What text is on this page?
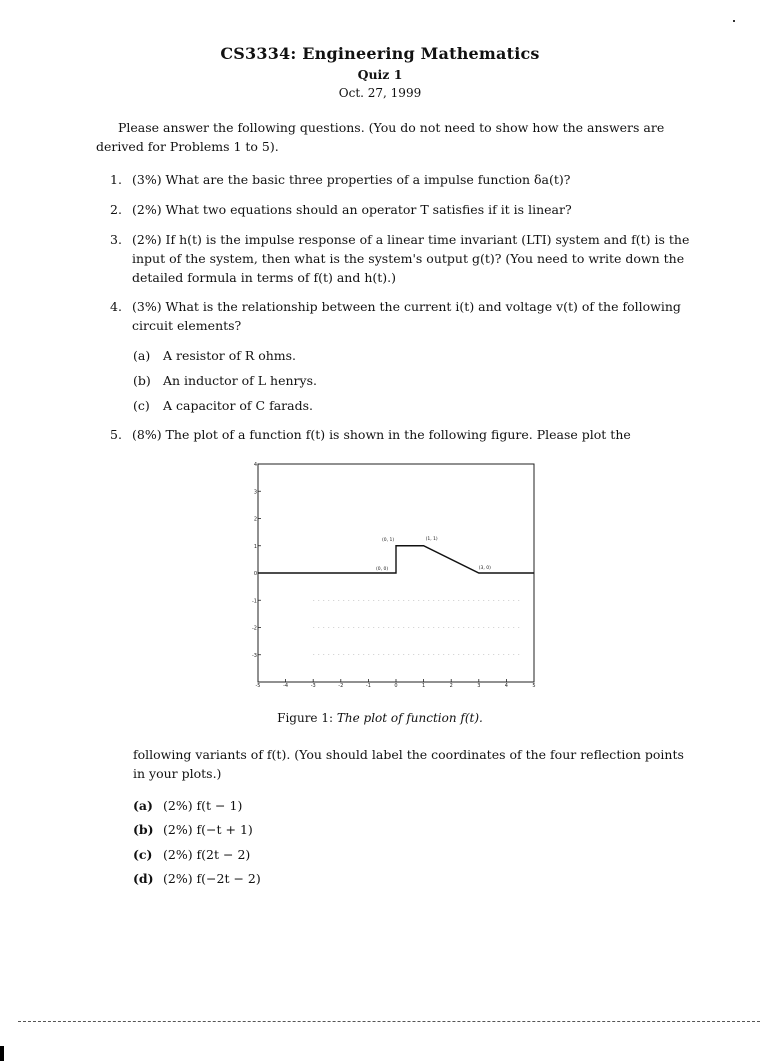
CS3334: Engineering Mathematics
Quiz 1
Oct. 27, 1999
Please answer the following questions. (You do not need to show how the answers are derived for Problems 1 to 5).
1. (3%) What are the basic three properties of a impulse function δa(t)?
2. (2%) What two equations should an operator T satisfies if it is linear?
3. (2%) If h(t) is the impulse response of a linear time invariant (LTI) system and f(t) is the input of the system, then what is the system's output g(t)? (You need to write down the detailed formula in terms of f(t) and h(t).)
4. (3%) What is the relationship between the current i(t) and voltage v(t) of the following circuit elements?
(a) A resistor of R ohms.
(b) An inductor of L henrys.
(c) A capacitor of C farads.
5. (8%) The plot of a function f(t) is shown in the following figure. Please plot the
-5	-4	-3	-2	-1	0	1	2	3	4	5
4
3
2
1
0
-1
-2
-3
(0, 1)	(1, 1)
(0, 0)	(3, 0)
Figure 1: The plot of function f(t).
following variants of f(t). (You should label the coordinates of the four reflection points in your plots.)
(a) (2%) f(t − 1)
(b) (2%) f(−t + 1)
(c) (2%) f(2t − 2)
(d) (2%) f(−2t − 2)
